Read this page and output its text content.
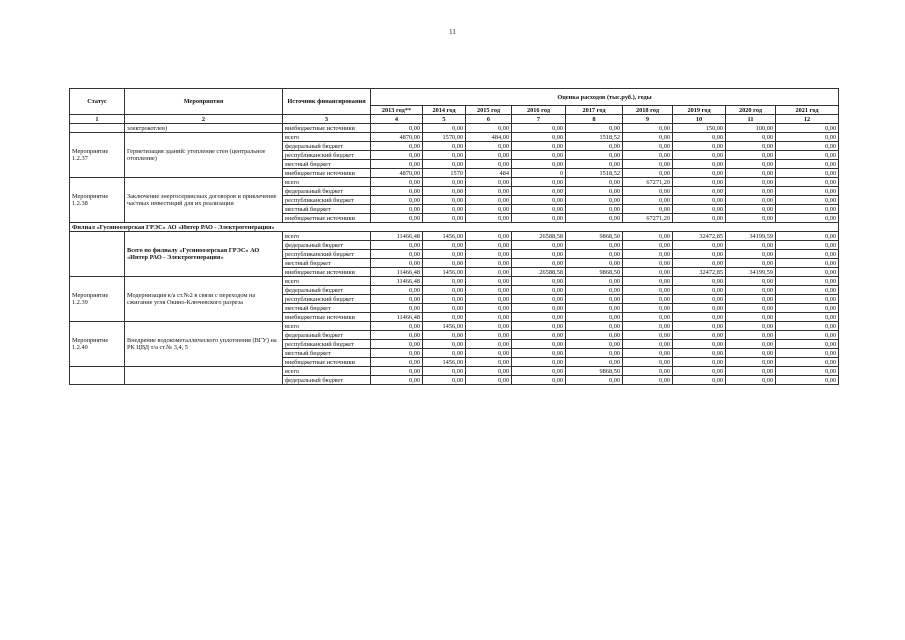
11
Статус	Мероприятия	Источник финансирования	Оценка расходов (тыс.руб.), годы								
			2013 год**	2014 год	2015 год	2016 год	2017 год	2018 год	2019 год	2020 год	2021 год
1	2	3	4	5	6	7	8	9	10	11	12
	электрокотлев)	внебюджетные источники	0,00	0,00	0,00	0,00	0,00	0,00	150,00	100,00	0,00
Мероприятие 1.2.37	Герметизация зданий: утепление стен (центральное отопление)	всего	4870,00	1570,00	484,00	0,00	1518,52	0,00	0,00	0,00	0,00
		федеральный бюджет	0,00	0,00	0,00	0,00	0,00	0,00	0,00	0,00	0,00
		республиканский бюджет	0,00	0,00	0,00	0,00	0,00	0,00	0,00	0,00	0,00
		местный бюджет	0,00	0,00	0,00	0,00	0,00	0,00	0,00	0,00	0,00
		внебюджетные источники	4870,00	1570	484	0	1518,52	0,00	0,00	0,00	0,00
Мероприятие 1.2.38	Заключение энергосервисных договоров и привлечение частных инвестиций для их реализации	всего	0,00	0,00	0,00	0,00	0,00	67271,20	0,00	0,00	0,00
		федеральный бюджет	0,00	0,00	0,00	0,00	0,00	0,00	0,00	0,00	0,00
		республиканский бюджет	0,00	0,00	0,00	0,00	0,00	0,00	0,00	0,00	0,00
		местный бюджет	0,00	0,00	0,00	0,00	0,00	0,00	0,00	0,00	0,00
		внебюджетные источники	0,00	0,00	0,00	0,00	0,00	67271,20	0,00	0,00	0,00
Филиал «Гусиноозерская ГРЭС» АО «Интер РАО - Электрогенерация»											
	Всего по филиалу «Гусиноозерская ГРЭС» АО «Интер РАО - Электрогенерация»	всего	11466,48	1456,00	0,00	26588,58	9868,50	0,00	32472,85	34199,59	0,00
		федеральный бюджет	0,00	0,00	0,00	0,00	0,00	0,00	0,00	0,00	0,00
		республиканский бюджет	0,00	0,00	0,00	0,00	0,00	0,00	0,00	0,00	0,00
		местный бюджет	0,00	0,00	0,00	0,00	0,00	0,00	0,00	0,00	0,00
		внебюджетные источники	11466,48	1456,00	0,00	26588,58	9868,50	0,00	32472,85	34199,59	0,00
Мероприятие 1.2.39	Модернизация к/а ст.№2 в связи с переходом на сжигание угля Окино-Ключевского разреза	всего	11466,48	0,00	0,00	0,00	0,00	0,00	0,00	0,00	0,00
		федеральный бюджет	0,00	0,00	0,00	0,00	0,00	0,00	0,00	0,00	0,00
		республиканский бюджет	0,00	0,00	0,00	0,00	0,00	0,00	0,00	0,00	0,00
		местный бюджет	0,00	0,00	0,00	0,00	0,00	0,00	0,00	0,00	0,00
		внебюджетные источники	11466,48	0,00	0,00	0,00	0,00	0,00	0,00	0,00	0,00
Мероприятие 1.2.40	Внедрение водокометаллического уплотнения (ВГУ) на РК ЦВД т/а ст.№ 3,4, 5	всего	0,00	1456,00	0,00	0,00	0,00	0,00	0,00	0,00	0,00
		федеральный бюджет	0,00	0,00	0,00	0,00	0,00	0,00	0,00	0,00	0,00
		республиканский бюджет	0,00	0,00	0,00	0,00	0,00	0,00	0,00	0,00	0,00
		местный бюджет	0,00	0,00	0,00	0,00	0,00	0,00	0,00	0,00	0,00
		внебюджетные источники	0,00	1456,00	0,00	0,00	0,00	0,00	0,00	0,00	0,00
		всего	0,00	0,00	0,00	0,00	9868,50	0,00	0,00	0,00	0,00
		федеральный бюджет	0,00	0,00	0,00	0,00	0,00	0,00	0,00	0,00	0,00
